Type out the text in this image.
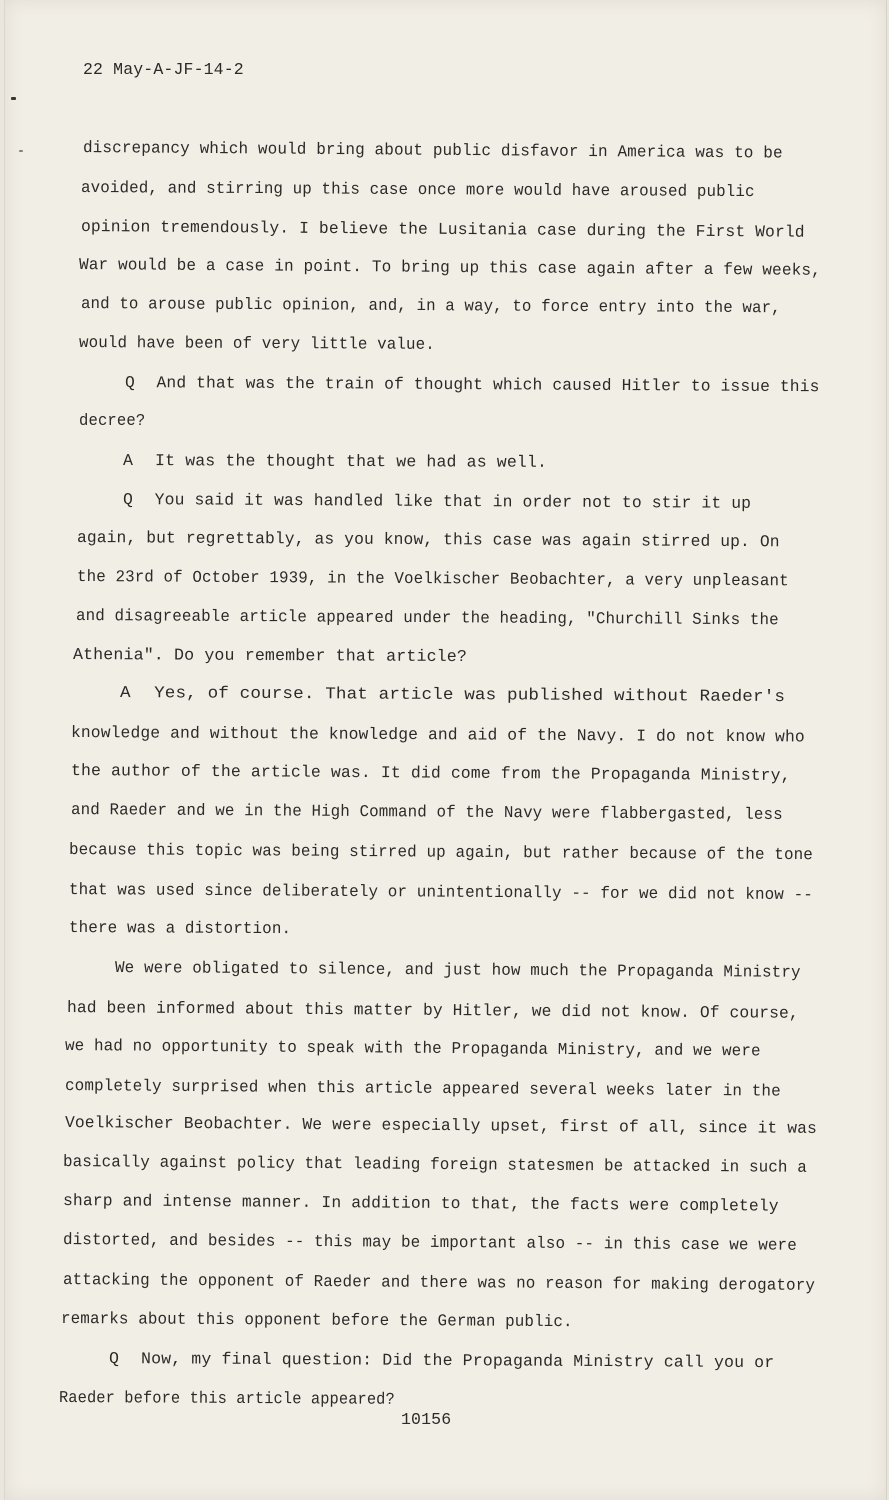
22 May-A-JF-14-2
discrepancy which would bring about public disfavor in America was to be
avoided, and stirring up this case once more would have aroused public
opinion tremendously. I believe the Lusitania case during the First World
War would be a case in point. To bring up this case again after a few weeks,
and to arouse public opinion, and, in a way, to force entry into the war,
would have been of very little value.
Q And that was the train of thought which caused Hitler to issue this
decree?
A It was the thought that we had as well.
Q You said it was handled like that in order not to stir it up
again, but regrettably, as you know, this case was again stirred up. On
the 23rd of October 1939, in the Voelkischer Beobachter, a very unpleasant
and disagreeable article appeared under the heading, "Churchill Sinks the
Athenia". Do you remember that article?
A Yes, of course. That article was published without Raeder's
knowledge and without the knowledge and aid of the Navy. I do not know who
the author of the article was. It did come from the Propaganda Ministry,
and Raeder and we in the High Command of the Navy were flabbergasted, less
because this topic was being stirred up again, but rather because of the tone
that was used since deliberately or unintentionally -- for we did not know --
there was a distortion.
We were obligated to silence, and just how much the Propaganda Ministry
had been informed about this matter by Hitler, we did not know. Of course,
we had no opportunity to speak with the Propaganda Ministry, and we were
completely surprised when this article appeared several weeks later in the
Voelkischer Beobachter. We were especially upset, first of all, since it was
basically against policy that leading foreign statesmen be attacked in such a
sharp and intense manner. In addition to that, the facts were completely
distorted, and besides -- this may be important also -- in this case we were
attacking the opponent of Raeder and there was no reason for making derogatory
remarks about this opponent before the German public.
Q Now, my final question: Did the Propaganda Ministry call you or
Raeder before this article appeared?
10156
